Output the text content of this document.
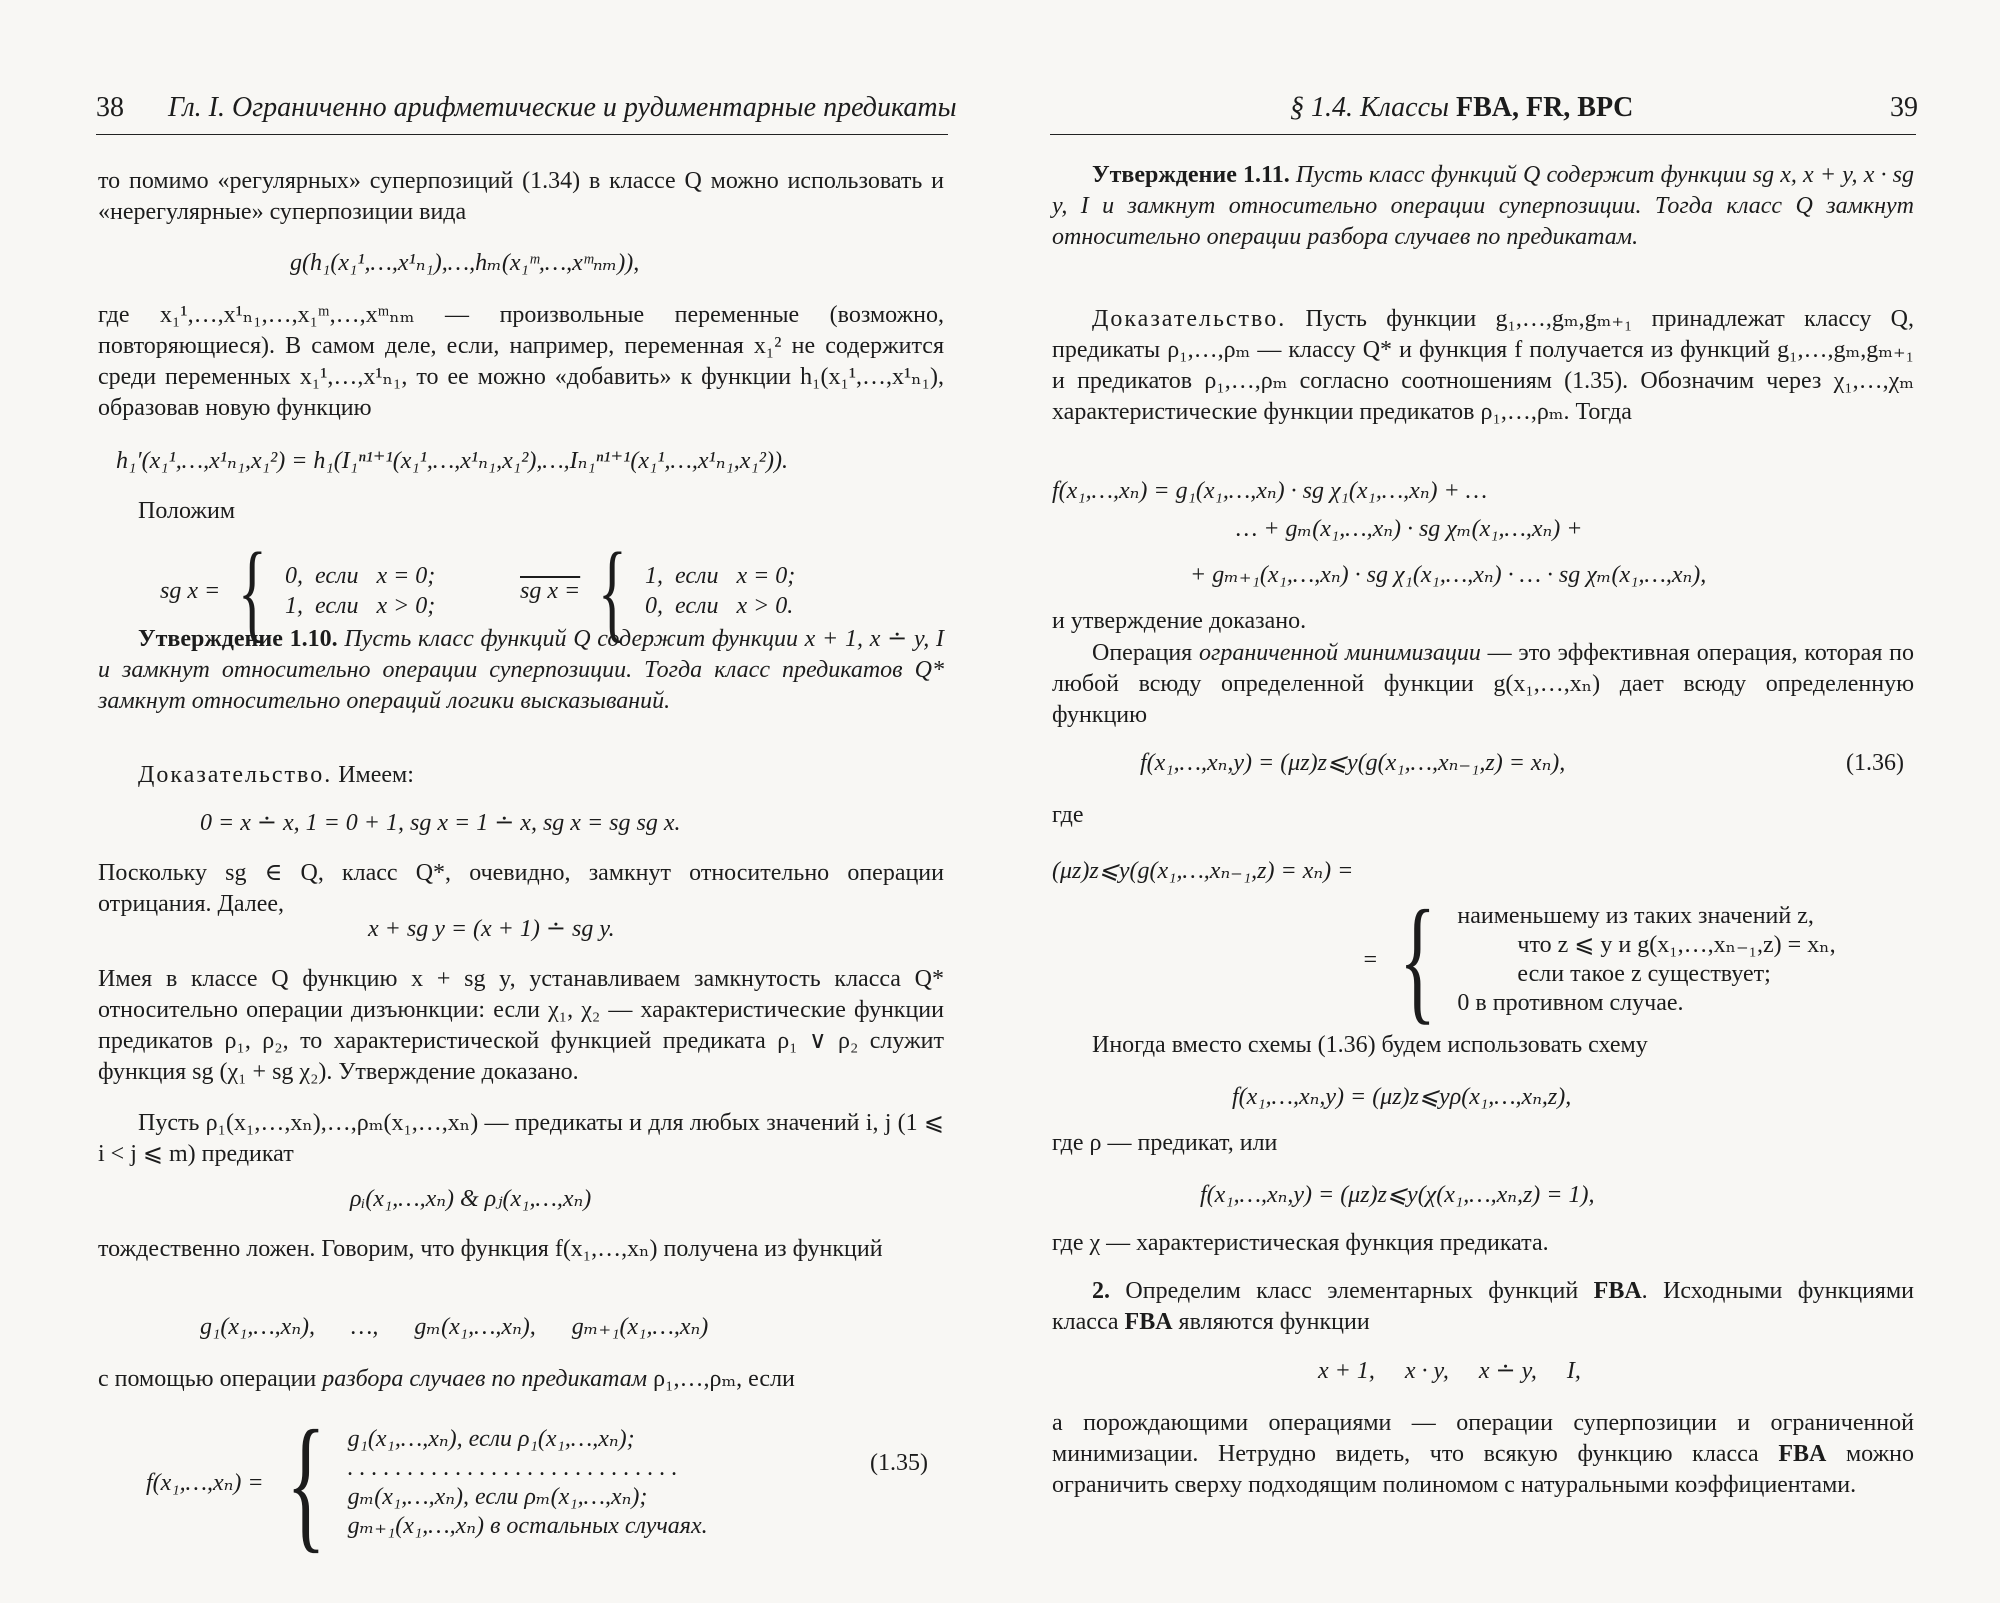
38 Гл. I. Ограниченно арифметические и рудиментарные предикаты
то помимо «регулярных» суперпозиций (1.34) в классе Q можно использовать и «нерегулярные» суперпозиции вида
g(h₁(x₁¹,…,x¹ₙ₁),…,hₘ(x₁ᵐ,…,xᵐₙₘ)),
где x₁¹,…,x¹ₙ₁,…,x₁ᵐ,…,xᵐₙₘ — произвольные переменные (возможно, повторяющиеся). В самом деле, если, например, переменная x₁² не содержится среди переменных x₁¹,…,x¹ₙ₁, то ее можно «добавить» к функции h₁(x₁¹,…,x¹ₙ₁), образовав новую функцию
h₁′(x₁¹,…,x¹ₙ₁,x₁²) = h₁(I₁ⁿ¹⁺¹(x₁¹,…,x¹ₙ₁,x₁²),…,Iₙ₁ⁿ¹⁺¹(x₁¹,…,x¹ₙ₁,x₁²)).
Положим
sg x = { 0,  если   x = 0;
1,  если   x > 0;
sg x = { 1,  если   x = 0;
0,  если   x > 0.
Утверждение 1.10. Пусть класс функций Q содержит функции x + 1, x ∸ y, I и замкнут относительно операции суперпозиции. Тогда класс предикатов Q* замкнут относительно операций логики высказываний.
Доказательство. Имеем:
0 = x ∸ x, 1 = 0 + 1, sg x = 1 ∸ x, sg x = sg sg x.
Поскольку sg ∈ Q, класс Q*, очевидно, замкнут относительно операции отрицания. Далее,
x + sg y = (x + 1) ∸ sg y.
Имея в классе Q функцию x + sg y, устанавливаем замкнутость класса Q* относительно операции дизъюнкции: если χ₁, χ₂ — характеристические функции предикатов ρ₁, ρ₂, то характеристической функцией предиката ρ₁ ∨ ρ₂ служит функция sg (χ₁ + sg χ₂). Утверждение доказано.
Пусть ρ₁(x₁,…,xₙ),…,ρₘ(x₁,…,xₙ) — предикаты и для любых значений i, j (1 ⩽ i < j ⩽ m) предикат
ρᵢ(x₁,…,xₙ) & ρⱼ(x₁,…,xₙ)
тождественно ложен. Говорим, что функция f(x₁,…,xₙ) получена из функций
g₁(x₁,…,xₙ),      …,      gₘ(x₁,…,xₙ),      gₘ₊₁(x₁,…,xₙ)
с помощью операции разбора случаев по предикатам ρ₁,…,ρₘ, если
f(x₁,…,xₙ) = { g₁(x₁,…,xₙ), если ρ₁(x₁,…,xₙ);
. . . . . . . . . . . . . . . . . . . . . . . . . . . .
gₘ(x₁,…,xₙ), если ρₘ(x₁,…,xₙ);
gₘ₊₁(x₁,…,xₙ) в остальных случаях.
(1.35)
§ 1.4. Классы FBA, FR, BPC	39
Утверждение 1.11. Пусть класс функций Q содержит функции sg x, x + y, x · sg y, I и замкнут относительно операции суперпозиции. Тогда класс Q замкнут относительно операции разбора случаев по предикатам.
Доказательство. Пусть функции g₁,…,gₘ,gₘ₊₁ принадлежат классу Q, предикаты ρ₁,…,ρₘ — классу Q* и функция f получается из функций g₁,…,gₘ,gₘ₊₁ и предикатов ρ₁,…,ρₘ согласно соотношениям (1.35). Обозначим через χ₁,…,χₘ характеристические функции предикатов ρ₁,…,ρₘ. Тогда
f(x₁,…,xₙ) = g₁(x₁,…,xₙ) · sg χ₁(x₁,…,xₙ) + …
… + gₘ(x₁,…,xₙ) · sg χₘ(x₁,…,xₙ) +
+ gₘ₊₁(x₁,…,xₙ) · sg χ₁(x₁,…,xₙ) · … · sg χₘ(x₁,…,xₙ),
и утверждение доказано.
Операция ограниченной минимизации — это эффективная операция, которая по любой всюду определенной функции g(x₁,…,xₙ) дает всюду определенную функцию
f(x₁,…,xₙ,y) = (μz)z⩽y(g(x₁,…,xₙ₋₁,z) = xₙ),	(1.36)
где
(μz)z⩽y(g(x₁,…,xₙ₋₁,z) = xₙ) =
= { наименьшему из таких значений z,
что z ⩽ y и g(x₁,…,xₙ₋₁,z) = xₙ,
если такое z существует;
0 в противном случае.
Иногда вместо схемы (1.36) будем использовать схему
f(x₁,…,xₙ,y) = (μz)z⩽yρ(x₁,…,xₙ,z),
где ρ — предикат, или
f(x₁,…,xₙ,y) = (μz)z⩽y(χ(x₁,…,xₙ,z) = 1),
где χ — характеристическая функция предиката.
2. Определим класс элементарных функций FBA. Исходными функциями класса FBA являются функции
x + 1,     x · y,     x ∸ y,     I,
а порождающими операциями — операции суперпозиции и ограниченной минимизации. Нетрудно видеть, что всякую функцию класса FBA можно ограничить сверху подходящим полиномом с натуральными коэффициентами.
